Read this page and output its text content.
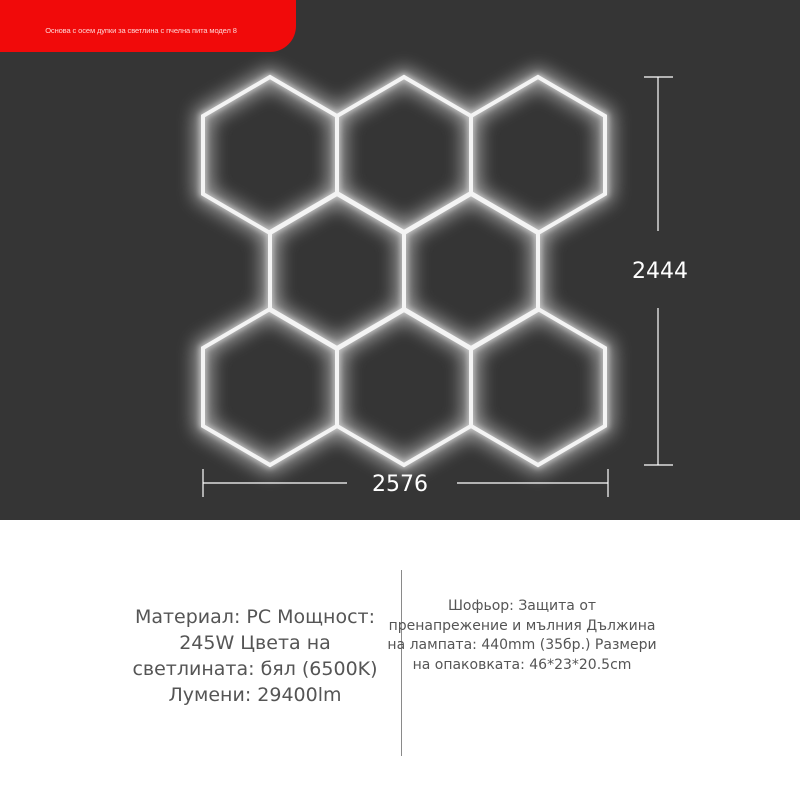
2576
2444
Основа с осем дупки за светлина с пчелна пита модел 8
Материал: PC Мощност:
245W Цвета на
светлината: бял (6500K)
Лумени: 29400lm
Шофьор: Защита от
пренапрежение и мълния Дължина
на лампата: 440mm (35бр.) Размери
на опаковката: 46*23*20.5cm
